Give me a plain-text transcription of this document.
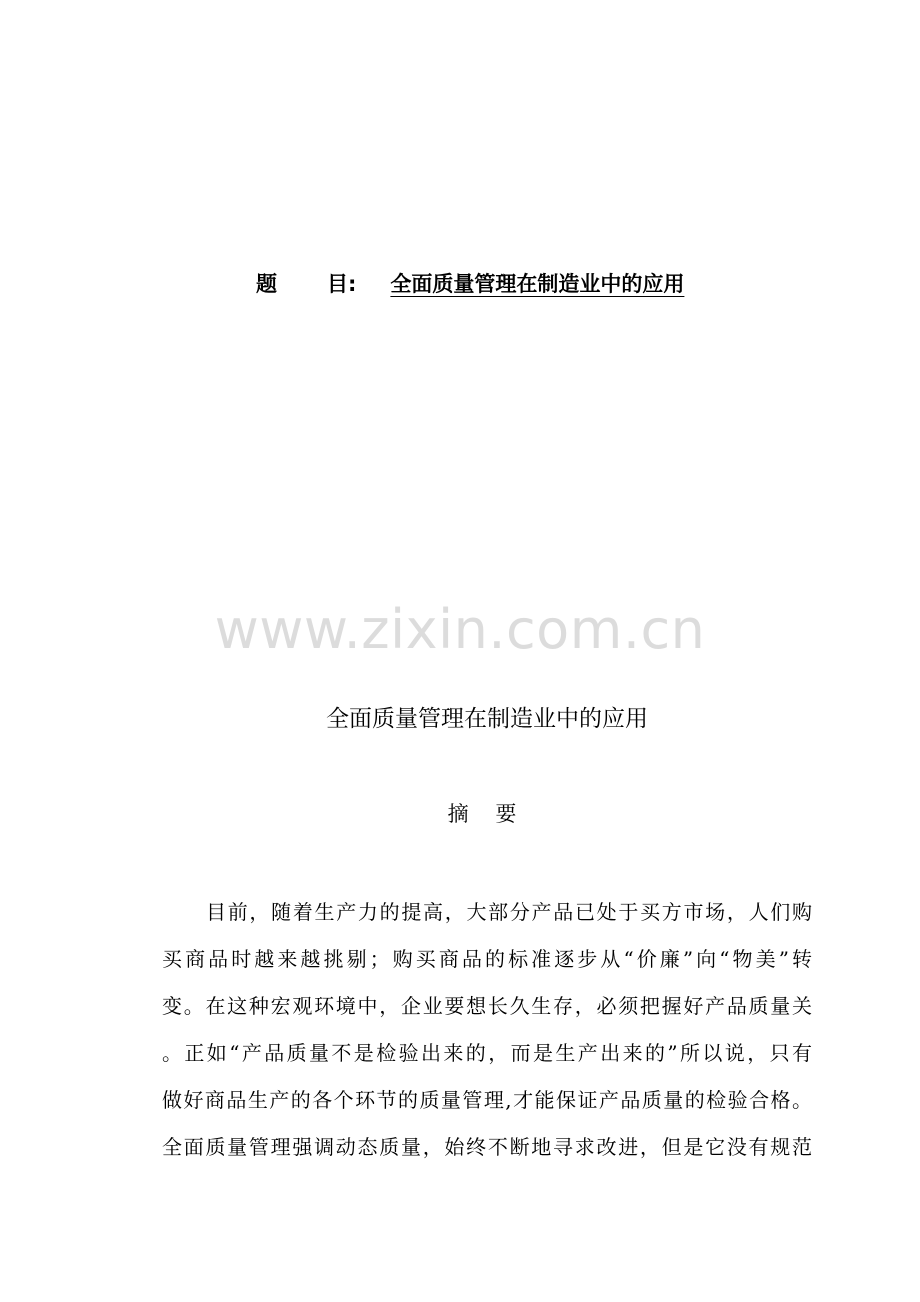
题 目: 全面质量管理在制造业中的应用
www.zixin.com.cn
全面质量管理在制造业中的应用
摘 要
目前，随着生产力的提高，大部分产品已处于买方市场，人们购
买商品时越来越挑剔；购买商品的标准逐步从“价廉”向“物美”转
变。在这种宏观环境中，企业要想长久生存，必须把握好产品质量关
。正如“产品质量不是检验出来的，而是生产出来的”所以说，只有
做好商品生产的各个环节的质量管理,才能保证产品质量的检验合格。
全面质量管理强调动态质量，始终不断地寻求改进，但是它没有规范
